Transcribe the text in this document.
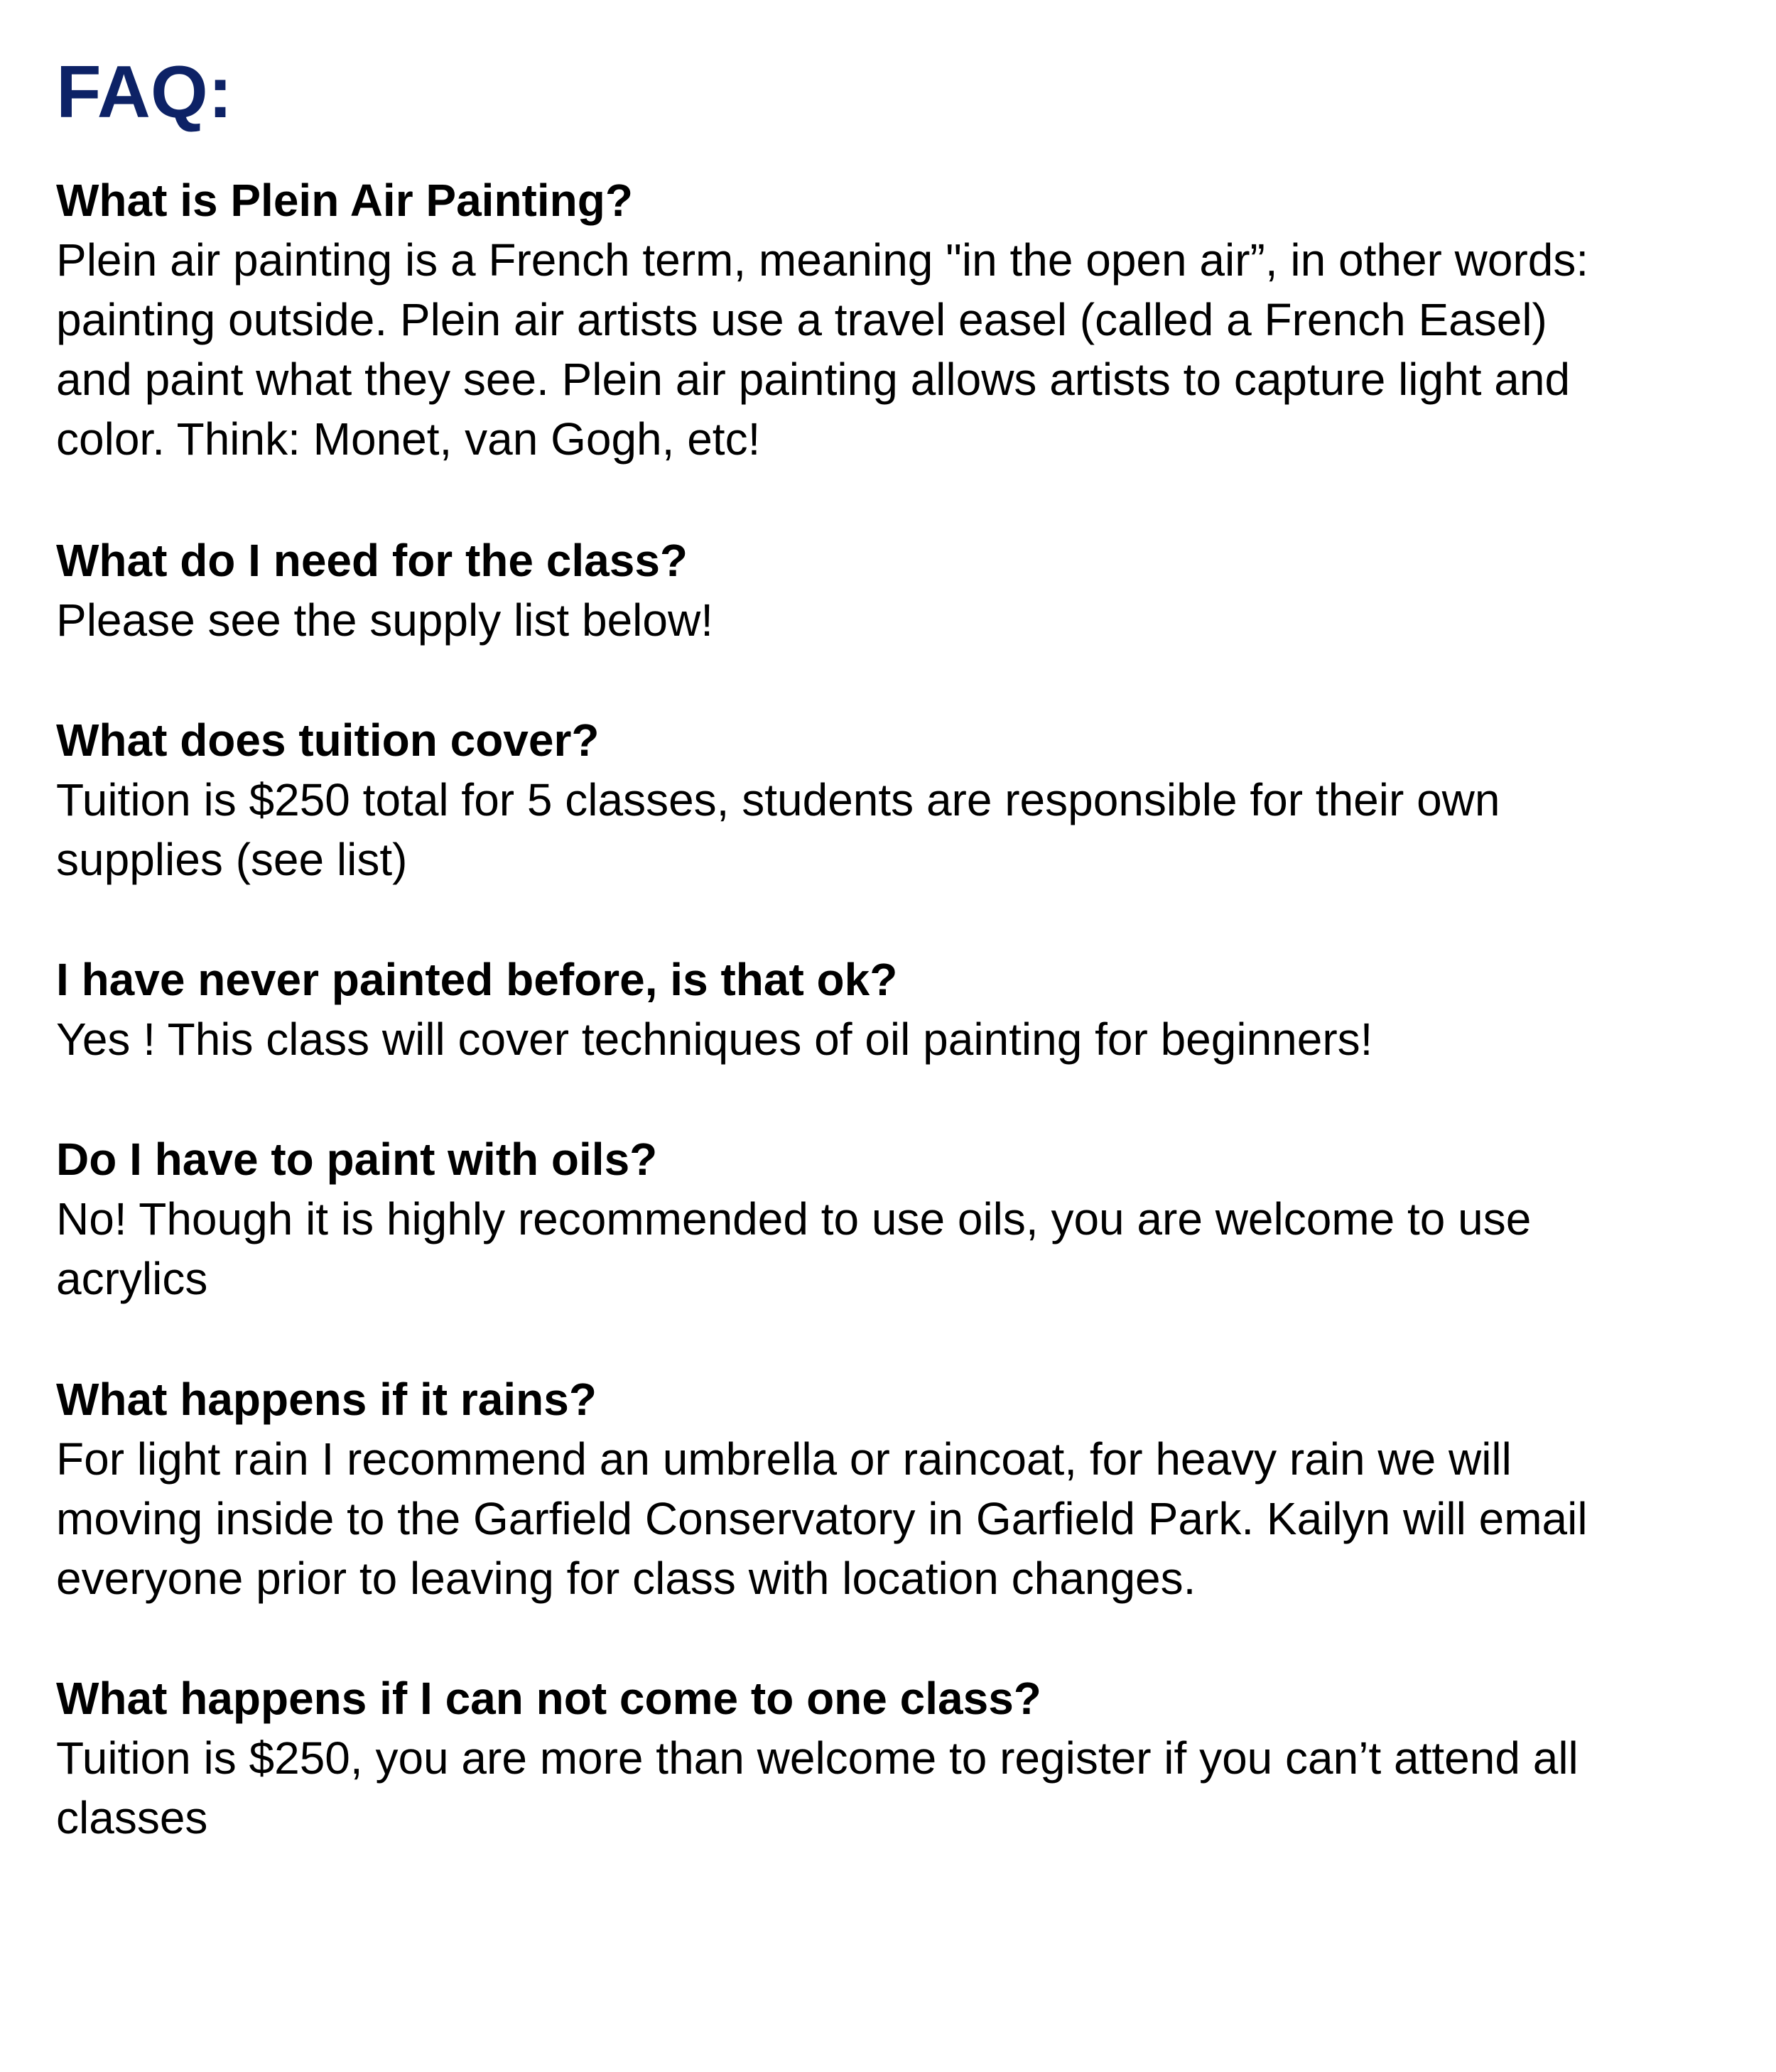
FAQ:

What is Plein Air Painting?

Plein air painting is a French term, meaning "in the open air”, in other words:
painting outside. Plein air artists use a travel easel (called a French Easel)
and paint what they see. Plein air painting allows artists to capture light and
color. Think: Monet, van Gogh, etc!

What do I need for the class?

Please see the supply list below!

What does tuition cover?

Tuition is $250 total for 5 classes, students are responsible for their own
supplies (see list)

I have never painted before, is that ok?

Yes ! This class will cover techniques of oil painting for beginners!

Do I have to paint with oils?

No! Though it is highly recommended to use oils, you are welcome to use
acrylics

What happens if it rains?

For light rain I recommend an umbrella or raincoat, for heavy rain we will
moving inside to the Garfield Conservatory in Garfield Park. Kailyn will email
everyone prior to leaving for class with location changes.

What happens if I can not come to one class?

Tuition is $250, you are more than welcome to register if you can’t attend all
classes
